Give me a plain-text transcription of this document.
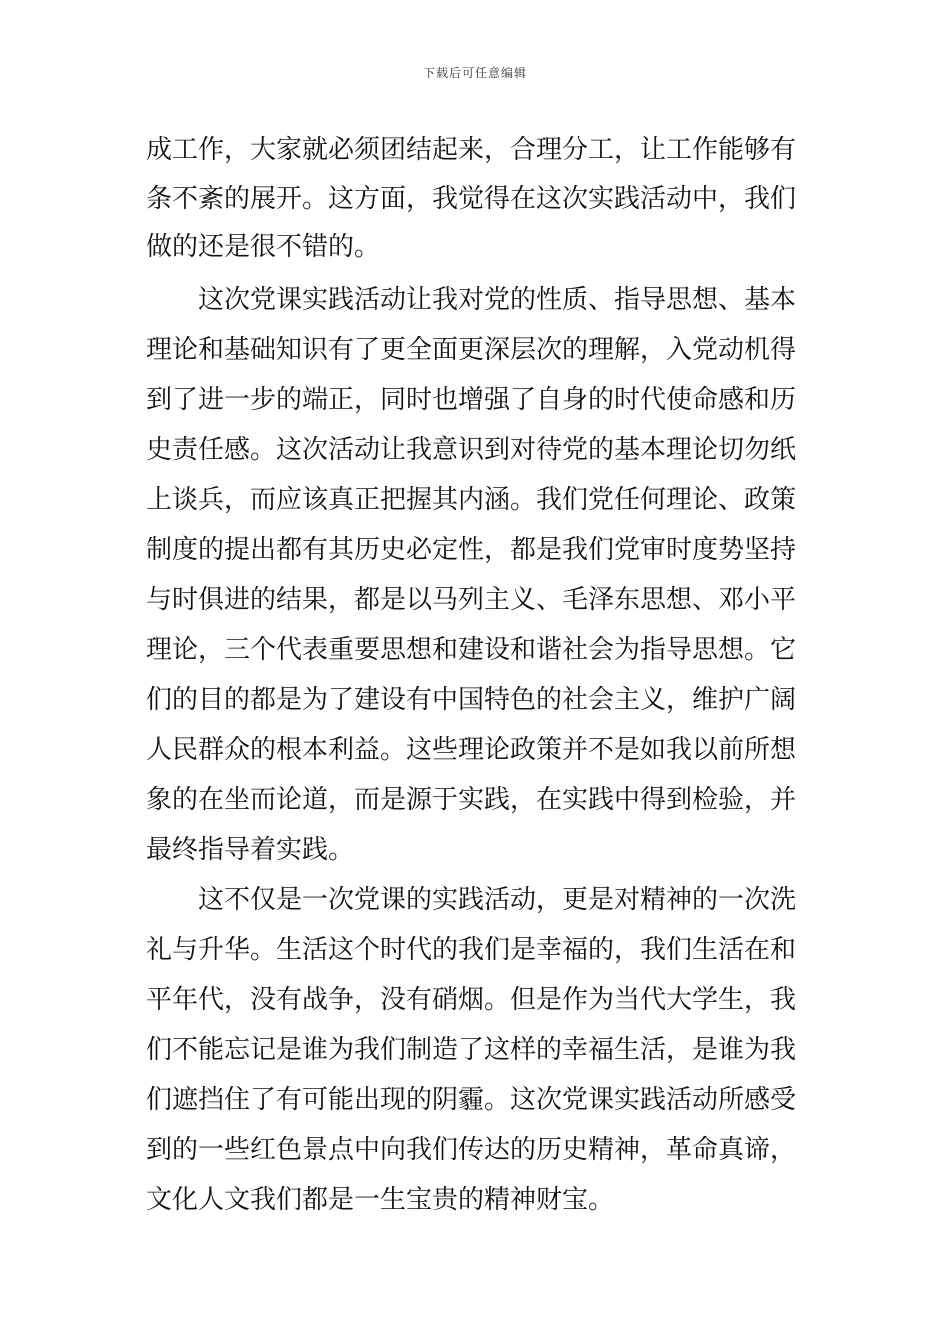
下载后可任意编辑
成工作，大家就必须团结起来，合理分工，让工作能够有
条不紊的展开。这方面，我觉得在这次实践活动中，我们
做的还是很不错的。
　　这次党课实践活动让我对党的性质、指导思想、基本
理论和基础知识有了更全面更深层次的理解，入党动机得
到了进一步的端正，同时也增强了自身的时代使命感和历
史责任感。这次活动让我意识到对待党的基本理论切勿纸
上谈兵，而应该真正把握其内涵。我们党任何理论、政策
制度的提出都有其历史必定性，都是我们党审时度势坚持
与时俱进的结果，都是以马列主义、毛泽东思想、邓小平
理论，三个代表重要思想和建设和谐社会为指导思想。它
们的目的都是为了建设有中国特色的社会主义，维护广阔
人民群众的根本利益。这些理论政策并不是如我以前所想
象的在坐而论道，而是源于实践，在实践中得到检验，并
最终指导着实践。
　　这不仅是一次党课的实践活动，更是对精神的一次洗
礼与升华。生活这个时代的我们是幸福的，我们生活在和
平年代，没有战争，没有硝烟。但是作为当代大学生，我
们不能忘记是谁为我们制造了这样的幸福生活，是谁为我
们遮挡住了有可能出现的阴霾。这次党课实践活动所感受
到的一些红色景点中向我们传达的历史精神，革命真谛，
文化人文我们都是一生宝贵的精神财宝。
